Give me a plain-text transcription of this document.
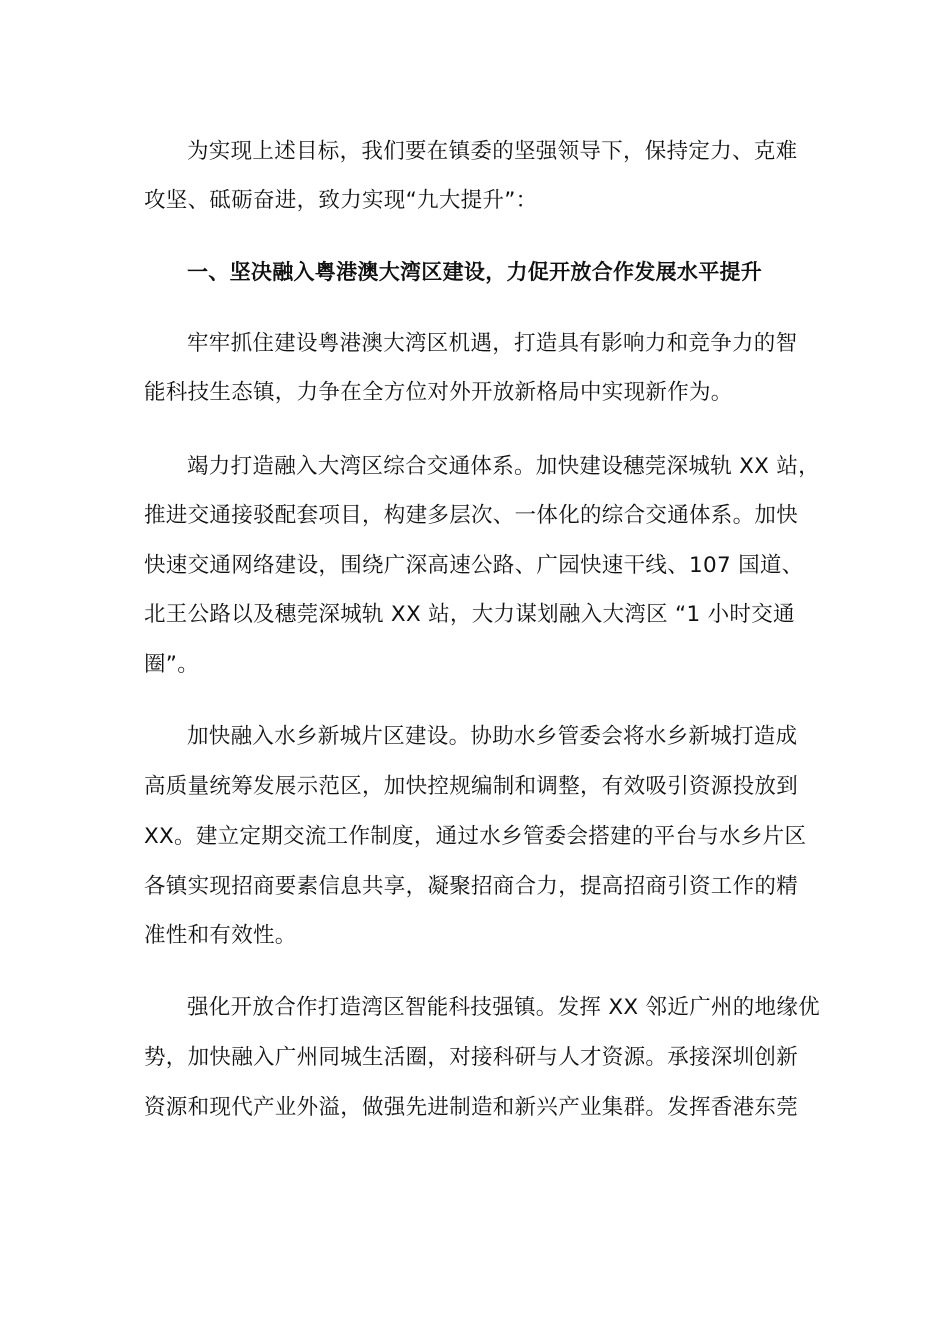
为实现上述目标，我们要在镇委的坚强领导下，保持定力、克难
攻坚、砥砺奋进，致力实现“九大提升”：
一、坚决融入粤港澳大湾区建设，力促开放合作发展水平提升
牢牢抓住建设粤港澳大湾区机遇，打造具有影响力和竞争力的智
能科技生态镇，力争在全方位对外开放新格局中实现新作为。
竭力打造融入大湾区综合交通体系。加快建设穗莞深城轨 XX 站，
推进交通接驳配套项目，构建多层次、一体化的综合交通体系。加快
快速交通网络建设，围绕广深高速公路、广园快速干线、107 国道、
北王公路以及穗莞深城轨 XX 站，大力谋划融入大湾区 “1 小时交通
圈”。
加快融入水乡新城片区建设。协助水乡管委会将水乡新城打造成
高质量统筹发展示范区，加快控规编制和调整，有效吸引资源投放到
XX。建立定期交流工作制度，通过水乡管委会搭建的平台与水乡片区
各镇实现招商要素信息共享，凝聚招商合力，提高招商引资工作的精
准性和有效性。
强化开放合作打造湾区智能科技强镇。发挥 XX 邻近广州的地缘优
势，加快融入广州同城生活圈，对接科研与人才资源。承接深圳创新
资源和现代产业外溢，做强先进制造和新兴产业集群。发挥香港东莞
